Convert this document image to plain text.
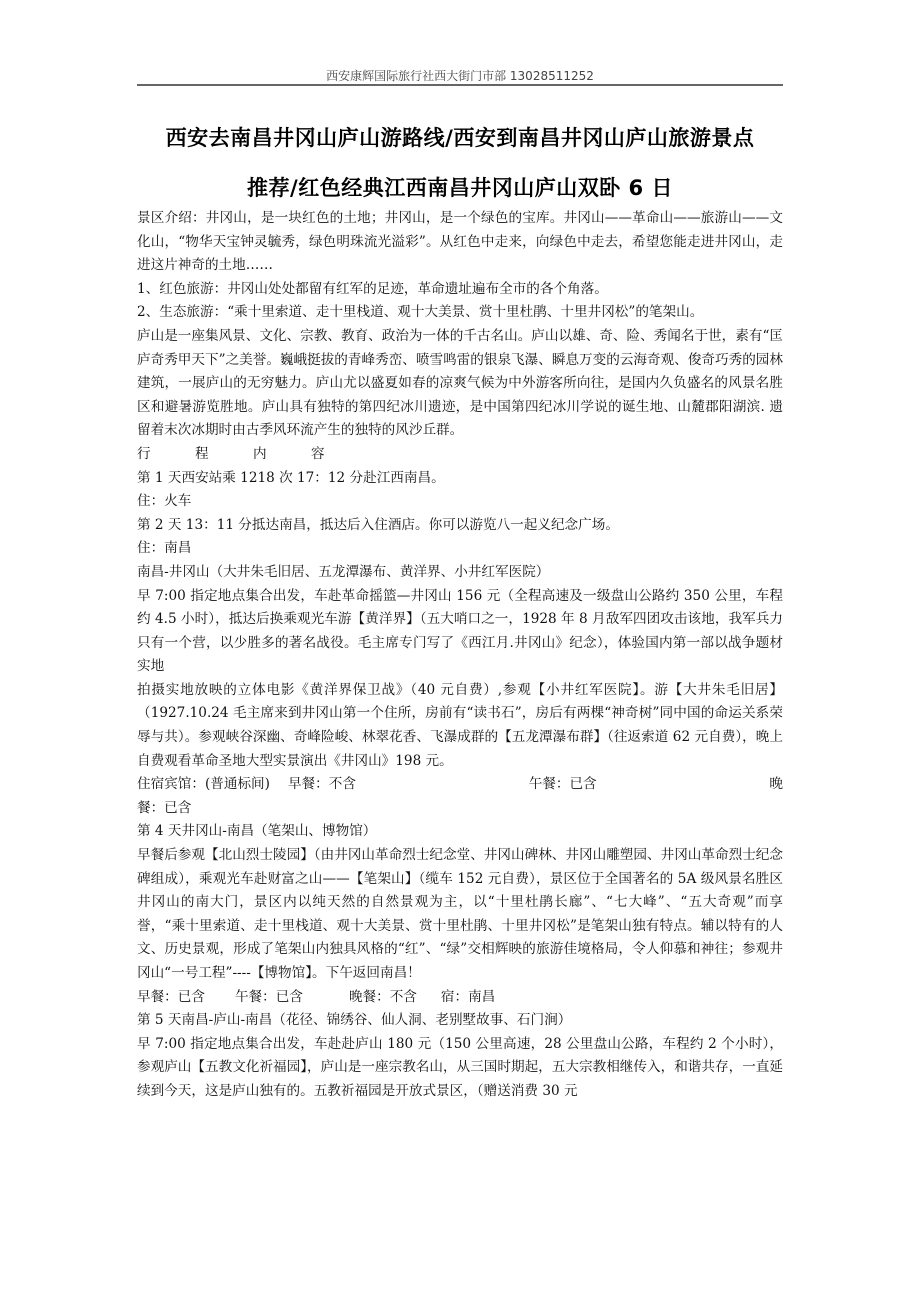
西安康辉国际旅行社西大街门市部 13028511252
西安去南昌井冈山庐山游路线/西安到南昌井冈山庐山旅游景点
推荐/红色经典江西南昌井冈山庐山双卧 6 日

景区介绍：井冈山，是一块红色的土地；井冈山，是一个绿色的宝库。井冈山——革命山——旅游山——文化山，“物华天宝钟灵毓秀，绿色明珠流光溢彩”。从红色中走来，向绿色中走去，希望您能走进井冈山，走进这片神奇的土地……

1、红色旅游：井冈山处处都留有红军的足迹，革命遗址遍布全市的各个角落。

2、生态旅游：“乘十里索道、走十里栈道、观十大美景、赏十里杜鹃、十里井冈松”的笔架山。

庐山是一座集风景、文化、宗教、教育、政治为一体的千古名山。庐山以雄、奇、险、秀闻名于世，素有“匡庐奇秀甲天下”之美誉。巍峨挺拔的青峰秀峦、喷雪鸣雷的银泉飞瀑、瞬息万变的云海奇观、俊奇巧秀的园林建筑，一展庐山的无穷魅力。庐山尤以盛夏如春的凉爽气候为中外游客所向往，是国内久负盛名的风景名胜区和避暑游览胜地。庐山具有独特的第四纪冰川遗迹，是中国第四纪冰川学说的诞生地、山麓郡阳湖滨. 遗留着末次冰期时由古季风环流产生的独特的风沙丘群。

行	程	内	容

第 1 天西安站乘 1218 次 17：12 分赴江西南昌。

住：火车

第 2 天 13：11 分抵达南昌，抵达后入住酒店。你可以游览八一起义纪念广场。

住：南昌

南昌-井冈山（大井朱毛旧居、五龙潭瀑布、黄洋界、小井红军医院）

早 7:00 指定地点集合出发，车赴革命摇篮—井冈山 156 元（全程高速及一级盘山公路约 350 公里，车程约 4.5 小时），抵达后换乘观光车游【黄洋界】（五大哨口之一，1928 年 8 月敌军四团攻击该地，我军兵力只有一个营，以少胜多的著名战役。毛主席专门写了《西江月.井冈山》纪念），体验国内第一部以战争题材实地

拍摄实地放映的立体电影《黄洋界保卫战》（40 元自费）,参观【小井红军医院】。游【大井朱毛旧居】（1927.10.24 毛主席来到井冈山第一个住所，房前有“读书石”，房后有两棵“神奇树”同中国的命运关系荣辱与共）。参观峡谷深幽、奇峰险峻、林翠花香、飞瀑成群的【五龙潭瀑布群】（往返索道 62 元自费），晚上自费观看革命圣地大型实景演出《井冈山》198 元。

住宿宾馆：(普通标间) 早餐：不含	午餐：已含	晚

餐：已含

第 4 天井冈山-南昌（笔架山、博物馆）

早餐后参观【北山烈士陵园】（由井冈山革命烈士纪念堂、井冈山碑林、井冈山雕塑园、井冈山革命烈士纪念碑组成），乘观光车赴财富之山——【笔架山】（缆车 152 元自费），景区位于全国著名的 5A 级风景名胜区井冈山的南大门，景区内以纯天然的自然景观为主，以“十里杜鹃长廊”、“七大峰”、“五大奇观”而享誉，“乘十里索道、走十里栈道、观十大美景、赏十里杜鹃、十里井冈松”是笔架山独有特点。辅以特有的人文、历史景观，形成了笔架山内独具风格的“红”、“绿”交相辉映的旅游佳境格局，令人仰慕和神往；参观井冈山“一号工程”----【博物馆】。下午返回南昌！

早餐：已含 午餐：已含	晚餐：不含 宿：南昌

第 5 天南昌-庐山-南昌（花径、锦绣谷、仙人洞、老别墅故事、石门涧）

早 7:00 指定地点集合出发，车赴赴庐山 180 元（150 公里高速，28 公里盘山公路，车程约 2 个小时），参观庐山【五教文化祈福园】，庐山是一座宗教名山，从三国时期起，五大宗教相继传入，和谐共存，一直延续到今天，这是庐山独有的。五教祈福园是开放式景区，（赠送消费 30 元
